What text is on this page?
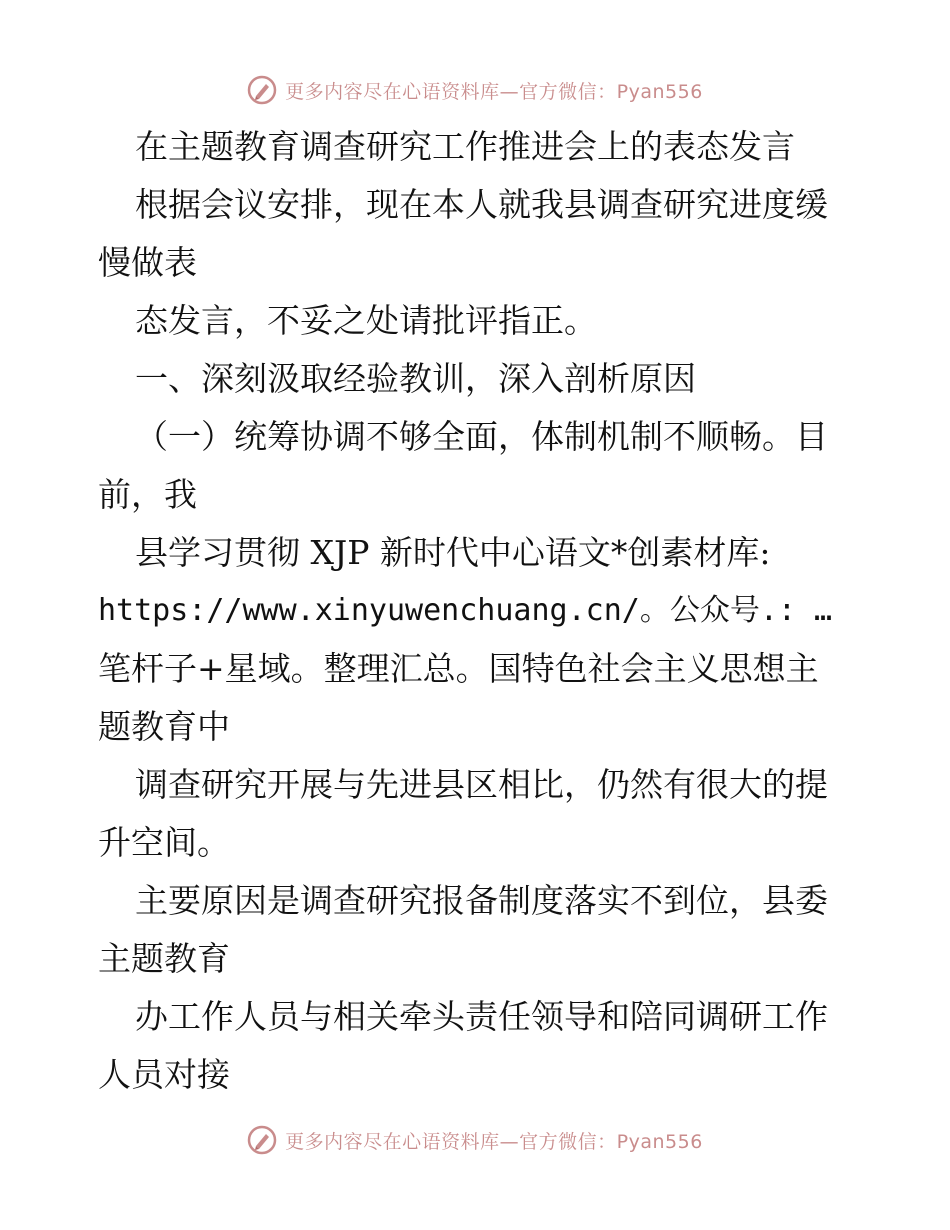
更多内容尽在心语资料库—官方微信：Pyan556
在主题教育调查研究工作推进会上的表态发言
根据会议安排，现在本人就我县调查研究进度缓
慢做表
态发言，不妥之处请批评指正。
一、深刻汲取经验教训，深入剖析原因
（一）统筹协调不够全面，体制机制不顺畅。目
前，我
县学习贯彻 XJP 新时代中心语文*创素材库:
https://www.xinyuwenchuang.cn/。公众号.: …
笔杆子+星域。整理汇总。国特色社会主义思想主
题教育中
调查研究开展与先进县区相比，仍然有很大的提
升空间。
主要原因是调查研究报备制度落实不到位，县委
主题教育
办工作人员与相关牵头责任领导和陪同调研工作
人员对接
更多内容尽在心语资料库—官方微信：Pyan556
